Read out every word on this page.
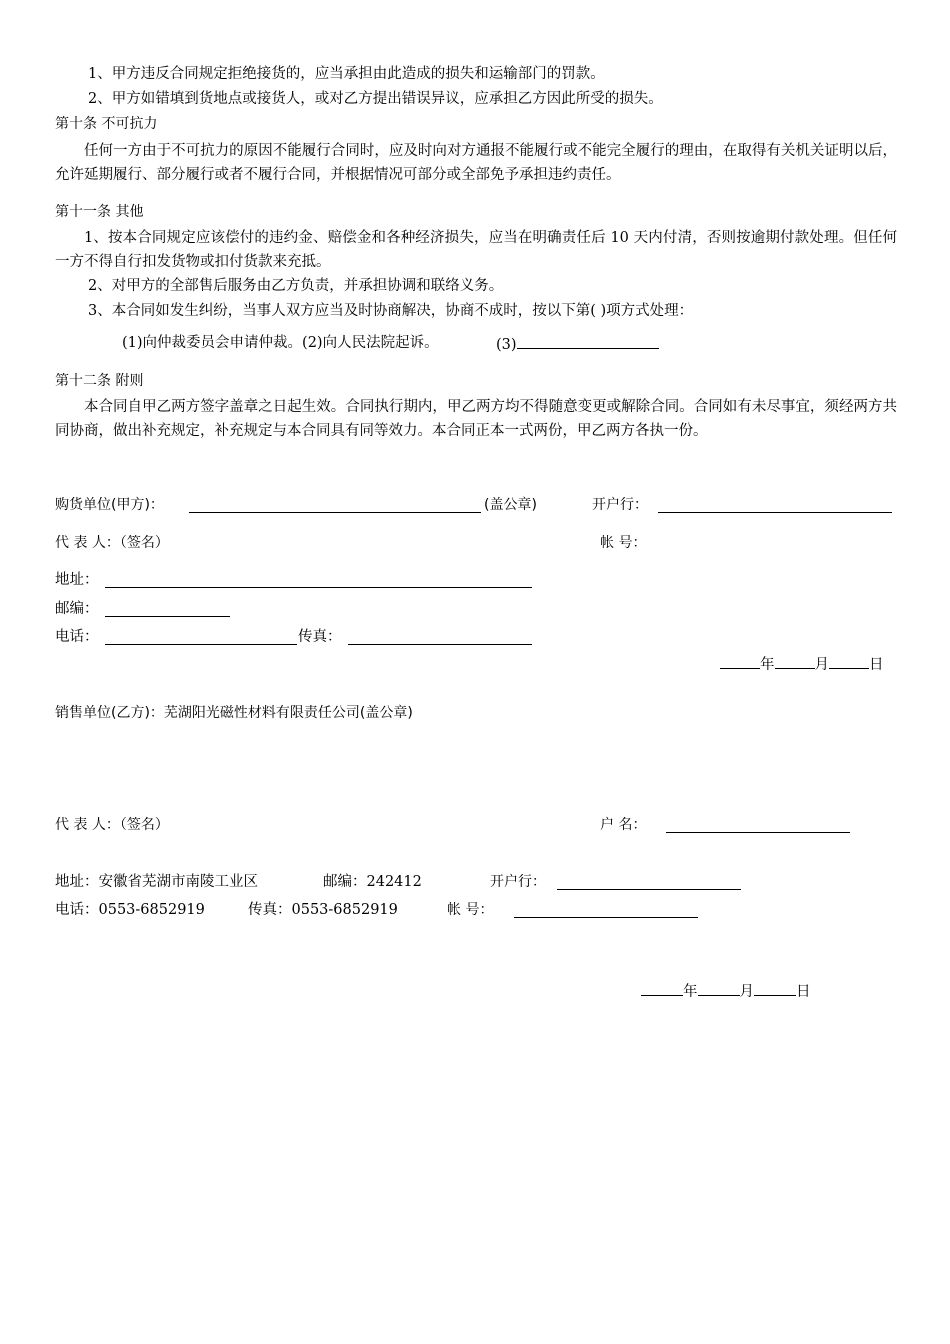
1、甲方违反合同规定拒绝接货的，应当承担由此造成的损失和运输部门的罚款。
2、甲方如错填到货地点或接货人，或对乙方提出错误异议，应承担乙方因此所受的损失。
第十条 不可抗力
任何一方由于不可抗力的原因不能履行合同时，应及时向对方通报不能履行或不能完全履行的理由，在取得有关机关证明以后，允许延期履行、部分履行或者不履行合同，并根据情况可部分或全部免予承担违约责任。
第十一条 其他
1、按本合同规定应该偿付的违约金、赔偿金和各种经济损失，应当在明确责任后 10 天内付清，否则按逾期付款处理。但任何一方不得自行扣发货物或扣付货款来充抵。
2、对甲方的全部售后服务由乙方负责，并承担协调和联络义务。
3、本合同如发生纠纷，当事人双方应当及时协商解决，协商不成时，按以下第( )项方式处理：
(1)向仲裁委员会申请仲裁。(2)向人民法院起诉。	(3)
第十二条 附则
本合同自甲乙两方签字盖章之日起生效。合同执行期内，甲乙两方均不得随意变更或解除合同。合同如有未尽事宜，须经两方共同协商，做出补充规定，补充规定与本合同具有同等效力。本合同正本一式两份，甲乙两方各执一份。
购货单位(甲方)：	(盖公章)	开户行：
代 表 人：（签名）	帐 号：
地址：
邮编：
电话：	传真：
年	月	日
销售单位(乙方)：芜湖阳光磁性材料有限责任公司(盖公章)
代 表 人：（签名）	户 名：
地址：安徽省芜湖市南陵工业区	邮编：242412	开户行：
电话：0553-6852919	传真：0553-6852919	帐 号：
年	月	日
